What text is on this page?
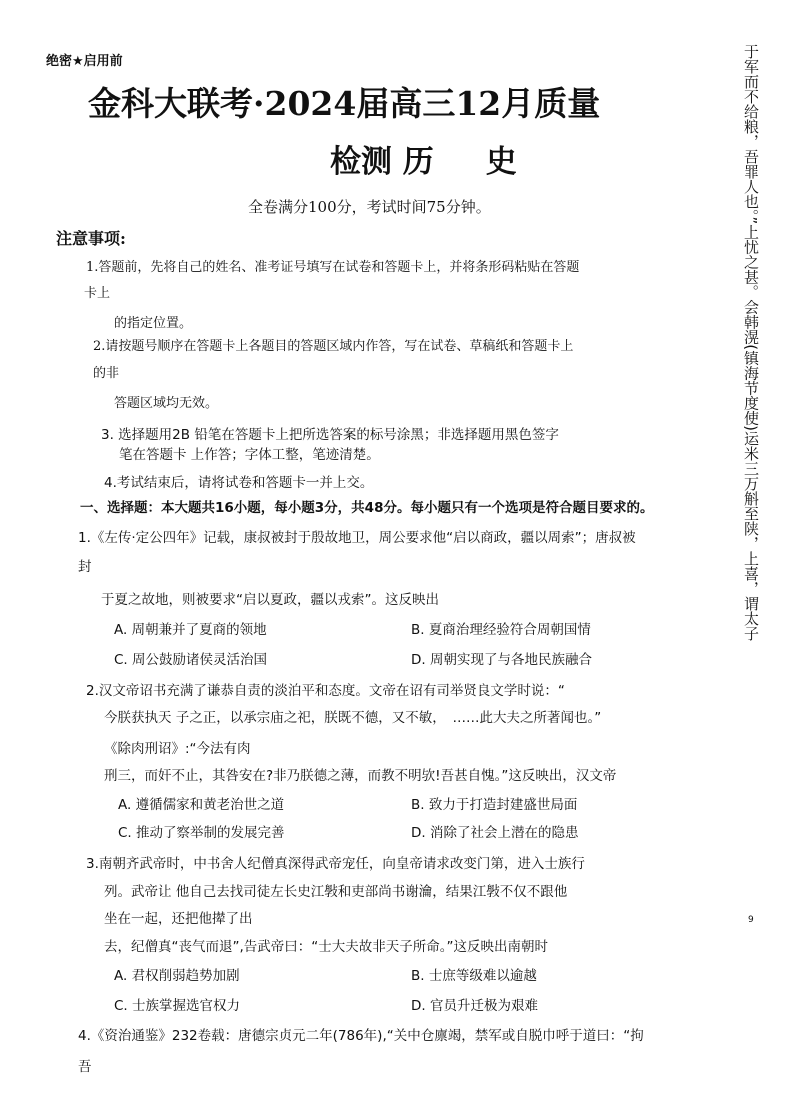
绝密★启用前
金科大联考·2024届高三12月质量
检测 历 史
全卷满分100分，考试时间75分钟。
注意事项:
1.答题前，先将自己的姓名、准考证号填写在试卷和答题卡上，并将条形码粘贴在答题
卡上
的指定位置。
2.请按题号顺序在答题卡上各题目的答题区域内作答，写在试卷、草稿纸和答题卡上
的非
答题区域均无效。
3. 选择题用2B 铅笔在答题卡上把所选答案的标号涂黑；非选择题用黑色签字
笔在答题卡 上作答；字体工整，笔迹清楚。
4.考试结束后，请将试卷和答题卡一并上交。
一、选择题：本大题共16小题，每小题3分，共48分。每小题只有一个选项是符合题目要求的。
1.《左传·定公四年》记载，康叔被封于殷故地卫，周公要求他“启以商政，疆以周索”；唐叔被
封
于夏之故地，则被要求“启以夏政，疆以戎索”。这反映出
A. 周朝兼并了夏商的领地	B. 夏商治理经验符合周朝国情
C. 周公鼓励诸侯灵活治国	D. 周朝实现了与各地民族融合
2.汉文帝诏书充满了谦恭自责的淡泊平和态度。文帝在诏有司举贤良文学时说：“
今朕获执天 子之正，以承宗庙之祀，朕既不德，又不敏，　……此大夫之所著闻也。”
《除肉刑诏》:“今法有肉
刑三，而奸不止，其咎安在?非乃朕德之薄，而教不明欤!吾甚自愧。”这反映出，汉文帝
A. 遵循儒家和黄老治世之道	B. 致力于打造封建盛世局面
C. 推动了察举制的发展完善	D. 消除了社会上潜在的隐患
3.南朝齐武帝时，中书舍人纪僧真深得武帝宠任，向皇帝请求改变门第，进入士族行
列。武帝让 他自己去找司徒左长史江斅和吏部尚书谢瀹，结果江斅不仅不跟他
坐在一起，还把他撵了出
去，纪僧真“丧气而退”,告武帝曰：“士大夫故非天子所命。”这反映出南朝时
A. 君权削弱趋势加剧	B. 士庶等级难以逾越
C. 士族掌握选官权力	D. 官员升迁极为艰难
4.《资治通鉴》232卷载：唐德宗贞元二年(786年),“关中仓廪竭，禁军或自脱巾呼于道曰：“拘
吾
于军而不给粮，吾罪人也。”上忧之甚。会韩滉(镇海节度使)运米三万斛至陕，上喜，谓太子
9
